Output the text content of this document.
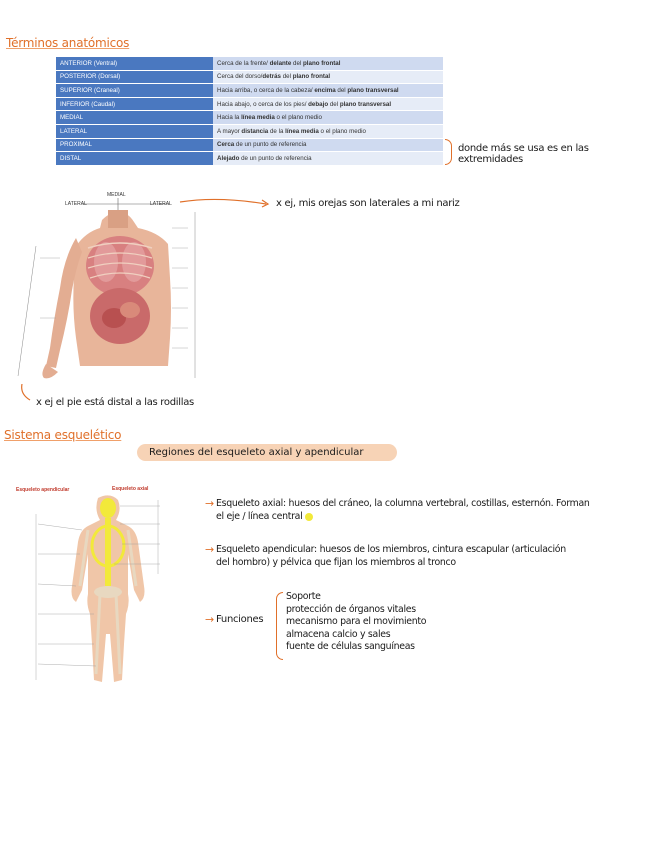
Términos anatómicos
ANTERIOR (Ventral)	Cerca de la frente/ delante del plano frontal
POSTERIOR (Dorsal)	Cerca del dorso/detrás del plano frontal
SUPERIOR (Craneal)	Hacia arriba, o cerca de la cabeza/ encima del plano transversal
INFERIOR (Caudal)	Hacia abajo, o cerca de los pies/ debajo del plano transversal
MEDIAL	Hacia la línea media o el plano medio
LATERAL	A mayor distancia de la línea media o el plano medio
PROXIMAL	Cerca de un punto de referencia
DISTAL	Alejado de un punto de referencia
donde más se usa es en las
extremidades
MEDIAL
LATERAL	LATERAL	x ej, mis orejas son laterales a mi nariz
x ej el pie está distal a las rodillas
Sistema esquelético
Regiones del esqueleto axial y apendicular
Esqueleto apendicular	Esqueleto axial
→ Esqueleto axial: huesos del cráneo, la columna vertebral, costillas, esternón. Forman
el eje / línea central
→ Esqueleto apendicular: huesos de los miembros, cintura escapular (articulación
del hombro) y pélvica que fijan los miembros al tronco
→ Funciones
Soporte
protección de órganos vitales
mecanismo para el movimiento
almacena calcio y sales
fuente de células sanguíneas
